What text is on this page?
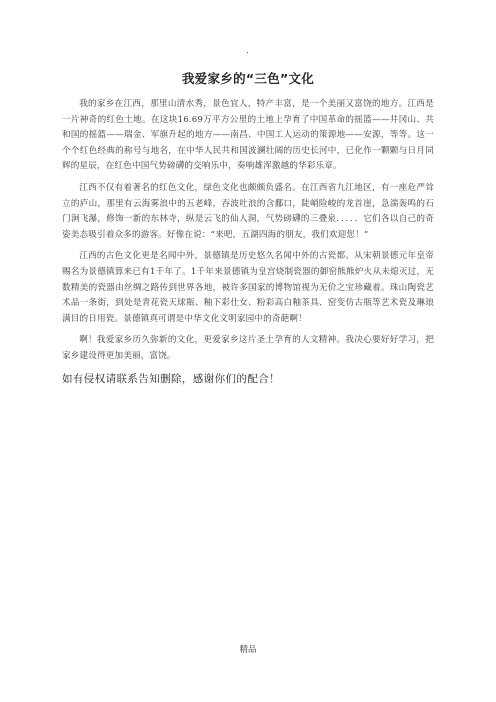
.
我爱家乡的“三色”文化

我的家乡在江西，那里山清水秀，景色宜人，特产丰富，是一个美丽又富饶的地方。江西是一片神奇的红色土地。在这块16.69万平方公里的土地上孕育了中国革命的摇篮——井冈山、共和国的摇篮——瑞金、军旗升起的地方——南昌、中国工人运动的策源地——安源，等等。这一个个红色经典的称号与地名，在中华人民共和国波澜壮阔的历史长河中，已化作一颗颗与日月同辉的星辰，在红色中国气势磅礴的交响乐中，奏响雄浑激越的华彩乐章。

江西不仅有着著名的红色文化，绿色文化也颇颇负盛名。在江西省九江地区，有一座危严耸立的庐山，那里有云海雾浪中的五老峰，吞波吐浪的含鄱口，陡峭险峻的龙首崖，急湍轰鸣的石门涧飞瀑，修饰一新的东林寺，纵是云飞的仙人洞，气势磅礴的三叠泉．．．．．它们各以自己的奇姿美态吸引着众多的游客。好像在说：“来吧，五湖四海的朋友，我们欢迎您！”

江西的古色文化更是名闻中外，景德镇是历史悠久名闻中外的古瓷都。从宋朝景德元年皇帝赐名为景德镇算来已有1千年了。1千年来景德镇为皇宫烧制瓷器的御窑熊熊炉火从未熄灭过，无数精美的瓷器由丝绸之路传到世界各地，被许多国家的博物馆视为无价之宝珍藏着。珠山陶瓷艺术品一条街，到处是青花瓷天球瓶、釉下彩仕女、粉彩高白釉茶具、窑变仿古瓶等艺术瓷及琳琅满目的日用瓷。景德镇真可谓是中华文化文明家园中的奇葩啊！

啊！我爱家乡历久弥新的文化，更爱家乡这片圣土孕育的人文精神。我决心要好好学习，把家乡建设得更加美丽，富饶。

如有侵权请联系告知删除，感谢你们的配合！

精品
